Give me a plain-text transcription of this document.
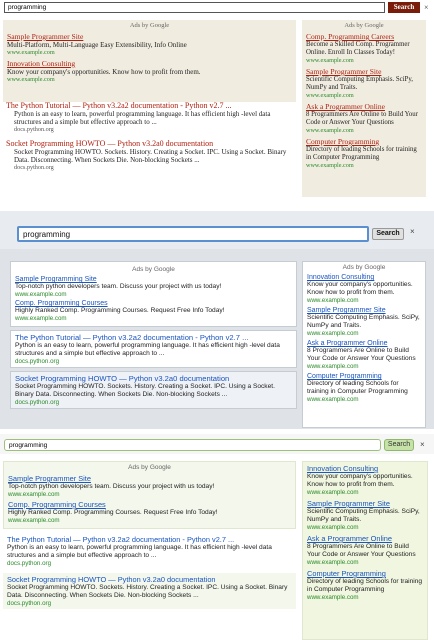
programming
Search	×
Ads by Google
Sample Programmer Site
Multi-Platform, Multi-Language Easy Extensibility, Info Online
www.example.com
Innovation Consulting
Know your company's opportunities. Know how to profit from them.
www.example.com
The Python Tutorial — Python v3.2a2 documentation - Python v2.7 ...
Python is an easy to learn, powerful programming language. It has efficient high -level data structures and a simple but effective approach to ...
docs.python.org
Socket Programming HOWTO — Python v3.2a0 documentation
Socket Programming HOWTO. Sockets. History. Creating a Socket. IPC. Using a Socket. Binary Data. Disconnecting. When Sockets Die. Non-blocking Sockets ...
docs.python.org
Ads by Google
Comp. Programming Careers
Become a Skilled Comp. Programmer Online. Enroll In Classes Today!
www.example.com
Sample Programmer Site
Scientific Computing Emphasis. SciPy, NumPy and Traits.
www.example.com
Ask a Programmer Online
8 Programmers Are Online to Build Your Code or Answer Your Questions
www.example.com
Computer Programming
Directory of leading Schools for training in Computer Programming
www.example.com
programming
Search	×
Ads by Google
Sample Programming Site
Top-notch python developers team. Discuss your project with us today!
www.example.com
Comp. Programming Courses
Highly Ranked Comp. Programming Courses. Request Free Info Today!
www.example.com
The Python Tutorial — Python v3.2a2 documentation - Python v2.7 ...
Python is an easy to learn, powerful programming language. It has efficient high -level data structures and a simple but effective approach to ...
docs.python.org
Socket Programming HOWTO — Python v3.2a0 documentation
Socket Programming HOWTO. Sockets. History. Creating a Socket. IPC. Using a Socket. Binary Data. Disconnecting. When Sockets Die. Non-blocking Sockets ...
docs.python.org
Ads by Google
Innovation Consulting
Know your company's opportunities. Know how to profit from them.
www.example.com
Sample Programmer Site
Scientific Computing Emphasis. SciPy, NumPy and Traits.
www.example.com
Ask a Programmer Online
8 Programmers Are Online to Build Your Code or Answer Your Questions
www.example.com
Computer Programming
Directory of leading Schools for training in Computer Programming
www.example.com
programming
Search	×
Ads by Google
Sample Programmer Site
Top-notch python developers team. Discuss your project with us today!
www.example.com
Comp. Programming Courses
Highly Ranked Comp. Programming Courses. Request Free Info Today!
www.example.com
The Python Tutorial — Python v3.2a2 documentation - Python v2.7 ...
Python is an easy to learn, powerful programming language. It has efficient high -level data structures and a simple but effective approach to ...
docs.python.org
Socket Programming HOWTO — Python v3.2a0 documentation
Socket Programming HOWTO. Sockets. History. Creating a Socket. IPC. Using a Socket. Binary Data. Disconnecting. When Sockets Die. Non-blocking Sockets ...
docs.python.org
Innovation Consulting
Know your company's opportunities. Know how to profit from them.
www.example.com
Sample Programmer Site
Scientific Computing Emphasis. SciPy, NumPy and Traits.
www.example.com
Ask a Programmer Online
8 Programmers Are Online to Build Your Code or Answer Your Questions
www.example.com
Computer Programming
Directory of leading Schools for training in Computer Programming
www.example.com
